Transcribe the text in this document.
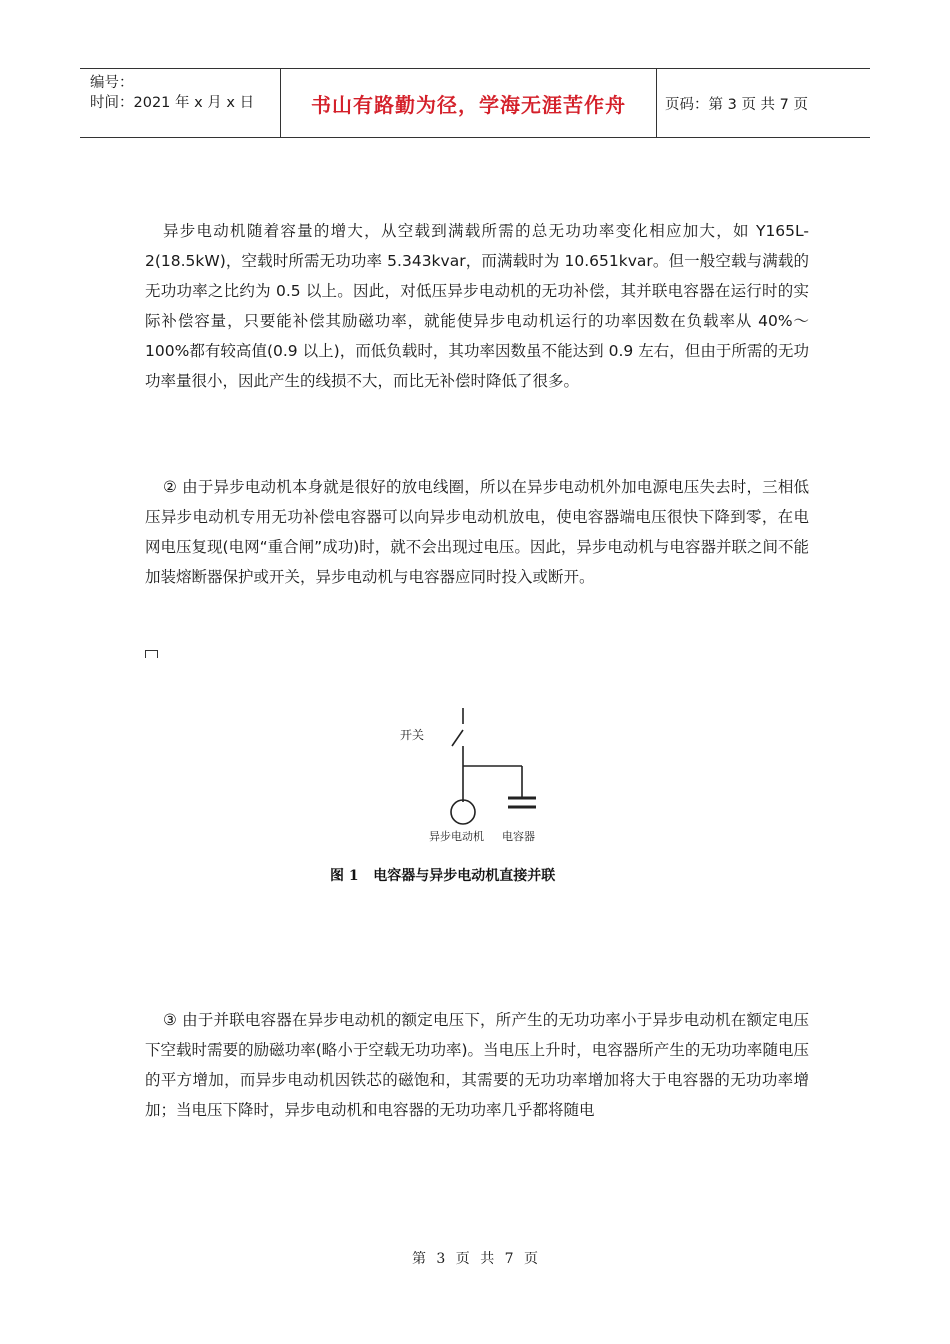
编号：
时间：2021 年 x 月 x 日	书山有路勤为径，学海无涯苦作舟	页码：第 3 页 共 7 页

异步电动机随着容量的增大，从空载到满载所需的总无功功率变化相应加大，如 Y165L-2(18.5kW)，空载时所需无功功率 5.343kvar，而满载时为 10.651kvar。但一般空载与满载的无功功率之比约为 0.5 以上。因此，对低压异步电动机的无功补偿，其并联电容器在运行时的实际补偿容量，只要能补偿其励磁功率，就能使异步电动机运行的功率因数在负载率从 40%～100%都有较高值(0.9 以上)，而低负载时，其功率因数虽不能达到 0.9 左右，但由于所需的无功功率量很小，因此产生的线损不大，而比无补偿时降低了很多。

② 由于异步电动机本身就是很好的放电线圈，所以在异步电动机外加电源电压失去时，三相低压异步电动机专用无功补偿电容器可以向异步电动机放电，使电容器端电压很快下降到零，在电网电压复现(电网“重合闸”成功)时，就不会出现过电压。因此，异步电动机与电容器并联之间不能加装熔断器保护或开关，异步电动机与电容器应同时投入或断开。

开关
异步电动机 电容器
图 1   电容器与异步电动机直接并联

③ 由于并联电容器在异步电动机的额定电压下，所产生的无功功率小于异步电动机在额定电压下空载时需要的励磁功率(略小于空载无功功率)。当电压上升时，电容器所产生的无功功率随电压的平方增加，而异步电动机因铁芯的磁饱和，其需要的无功功率增加将大于电容器的无功功率增加；当电压下降时，异步电动机和电容器的无功功率几乎都将随电

第 3 页 共 7 页
